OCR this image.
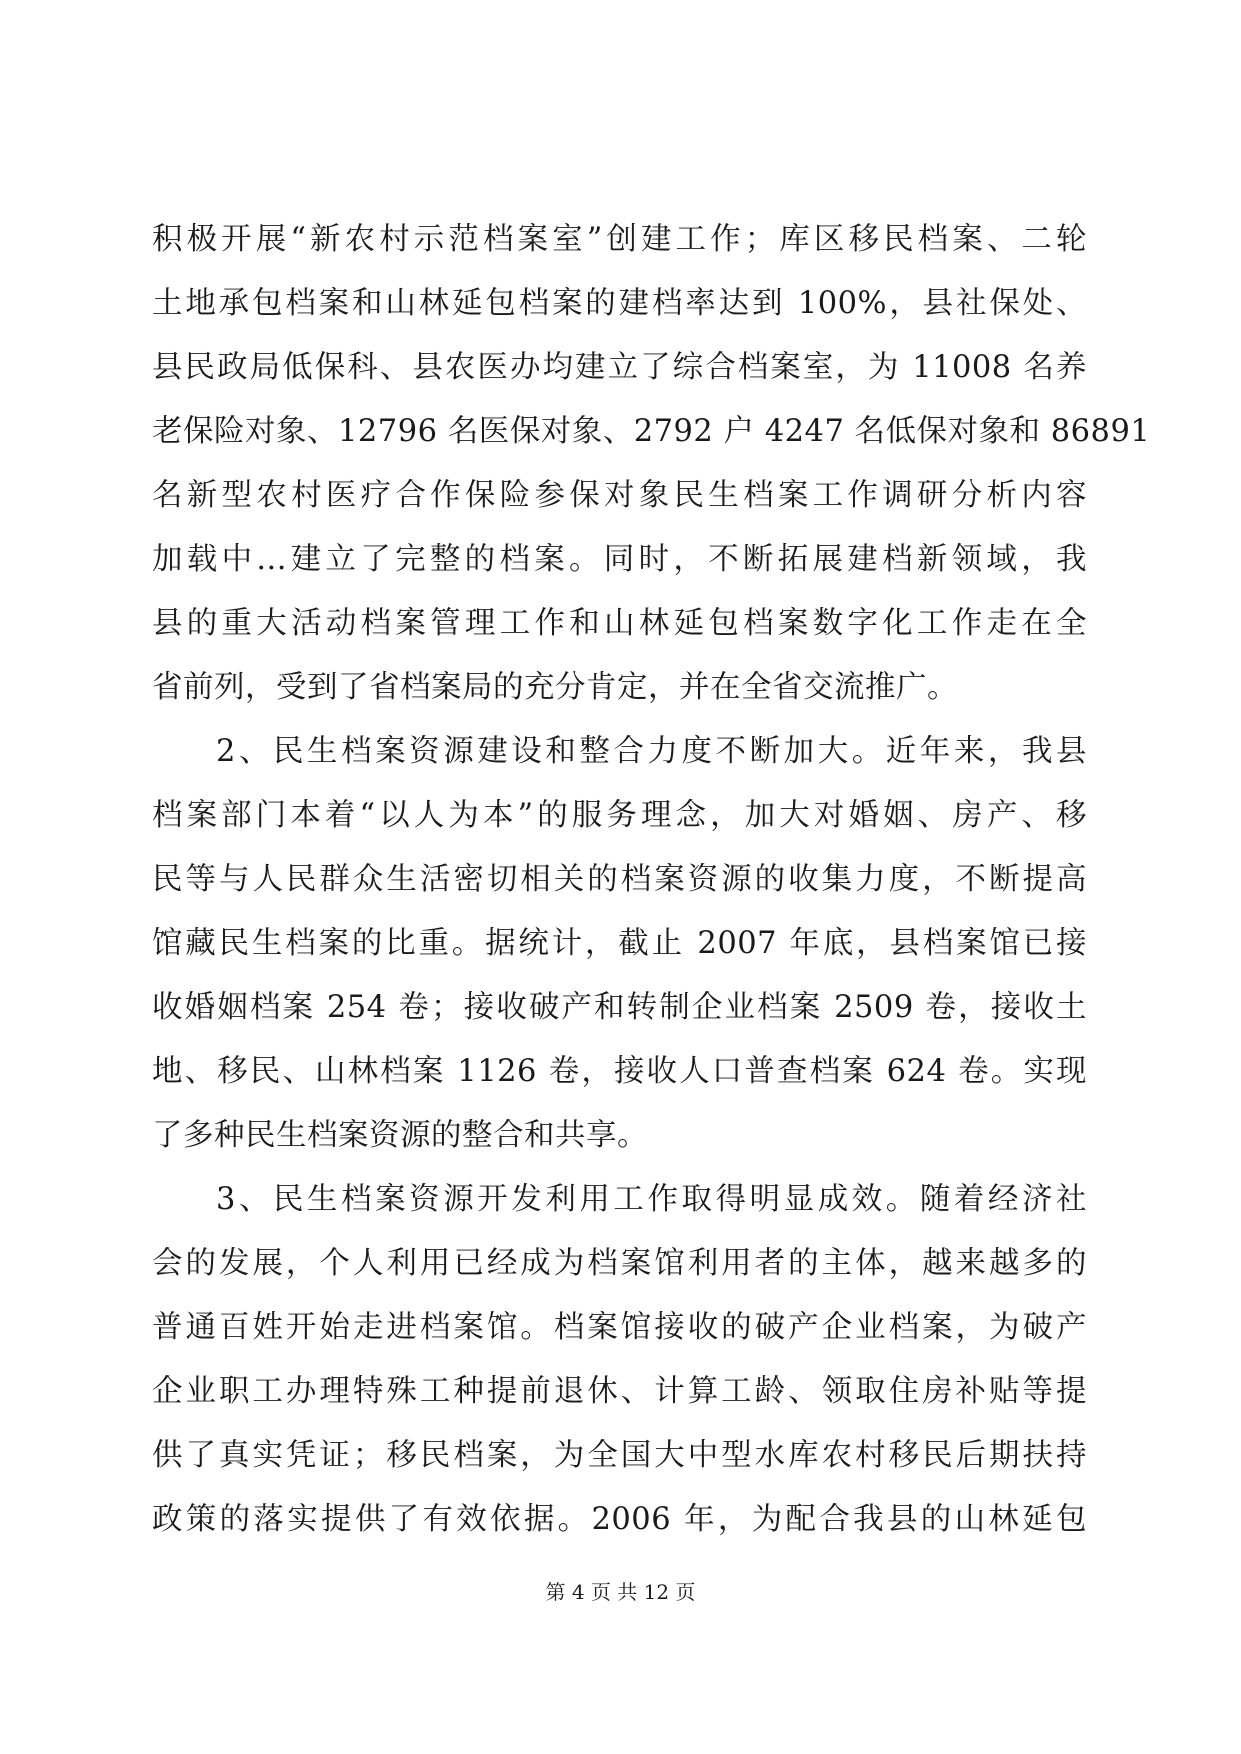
积极开展“新农村示范档案室”创建工作；库区移民档案、二轮
土地承包档案和山林延包档案的建档率达到 100%，县社保处、
县民政局低保科、县农医办均建立了综合档案室，为 11008 名养
老保险对象、12796 名医保对象、2792 户 4247 名低保对象和 86891
名新型农村医疗合作保险参保对象民生档案工作调研分析内容
加载中...建立了完整的档案。同时，不断拓展建档新领域，我
县的重大活动档案管理工作和山林延包档案数字化工作走在全
省前列，受到了省档案局的充分肯定，并在全省交流推广。
2、民生档案资源建设和整合力度不断加大。近年来，我县
档案部门本着“以人为本”的服务理念，加大对婚姻、房产、移
民等与人民群众生活密切相关的档案资源的收集力度，不断提高
馆藏民生档案的比重。据统计，截止 2007 年底，县档案馆已接
收婚姻档案 254 卷；接收破产和转制企业档案 2509 卷，接收土
地、移民、山林档案 1126 卷，接收人口普查档案 624 卷。实现
了多种民生档案资源的整合和共享。
3、民生档案资源开发利用工作取得明显成效。随着经济社
会的发展，个人利用已经成为档案馆利用者的主体，越来越多的
普通百姓开始走进档案馆。档案馆接收的破产企业档案，为破产
企业职工办理特殊工种提前退休、计算工龄、领取住房补贴等提
供了真实凭证；移民档案，为全国大中型水库农村移民后期扶持
政策的落实提供了有效依据。2006 年，为配合我县的山林延包
第 4 页 共 12 页
